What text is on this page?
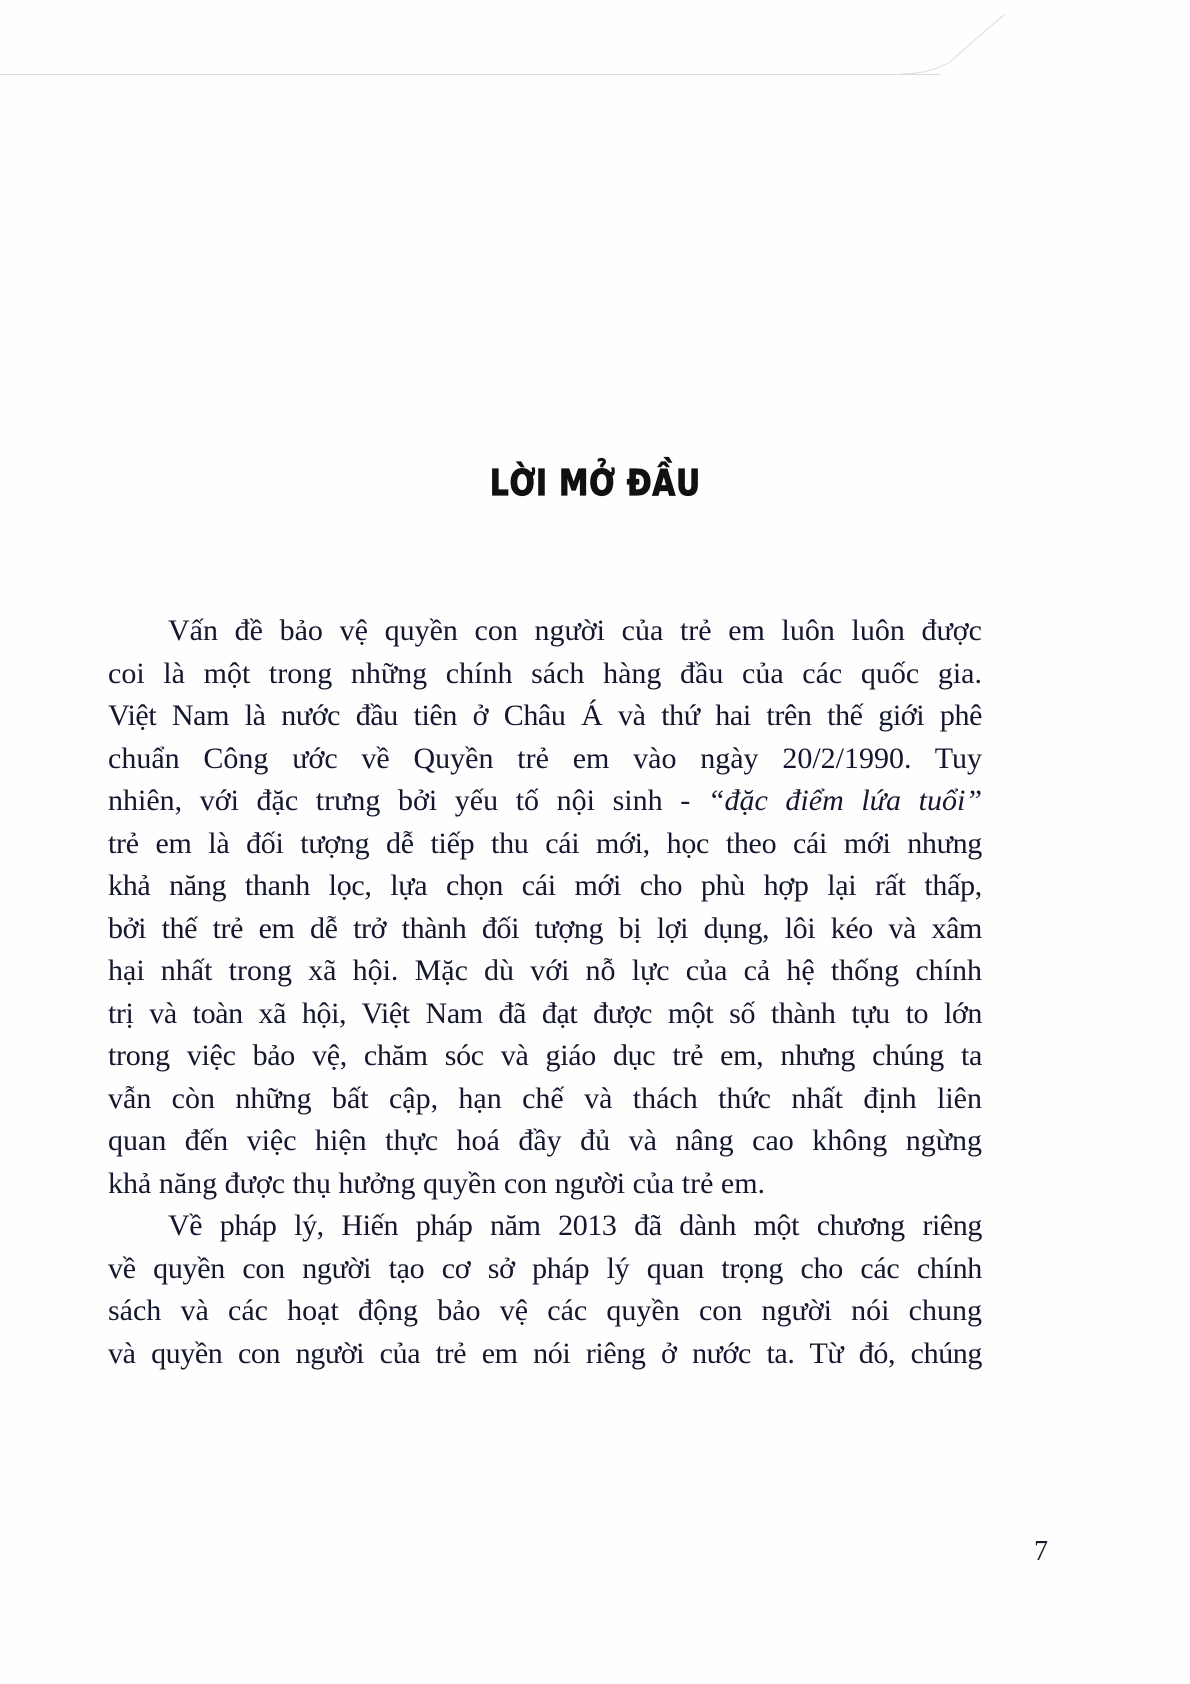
LỜI MỞ ĐẦU
Vấn đề bảo vệ quyền con người của trẻ em luôn luôn được
coi là một trong những chính sách hàng đầu của các quốc gia.
Việt Nam là nước đầu tiên ở Châu Á và thứ hai trên thế giới phê
chuẩn Công ước về Quyền trẻ em vào ngày 20/2/1990. Tuy
nhiên, với đặc trưng bởi yếu tố nội sinh - “đặc điểm lứa tuổi”
trẻ em là đối tượng dễ tiếp thu cái mới, học theo cái mới nhưng
khả năng thanh lọc, lựa chọn cái mới cho phù hợp lại rất thấp,
bởi thế trẻ em dễ trở thành đối tượng bị lợi dụng, lôi kéo và xâm
hại nhất trong xã hội. Mặc dù với nỗ lực của cả hệ thống chính
trị và toàn xã hội, Việt Nam đã đạt được một số thành tựu to lớn
trong việc bảo vệ, chăm sóc và giáo dục trẻ em, nhưng chúng ta
vẫn còn những bất cập, hạn chế và thách thức nhất định liên
quan đến việc hiện thực hoá đầy đủ và nâng cao không ngừng
khả năng được thụ hưởng quyền con người của trẻ em.
Về pháp lý, Hiến pháp năm 2013 đã dành một chương riêng
về quyền con người tạo cơ sở pháp lý quan trọng cho các chính
sách và các hoạt động bảo vệ các quyền con người nói chung
và quyền con người của trẻ em nói riêng ở nước ta. Từ đó, chúng
7
